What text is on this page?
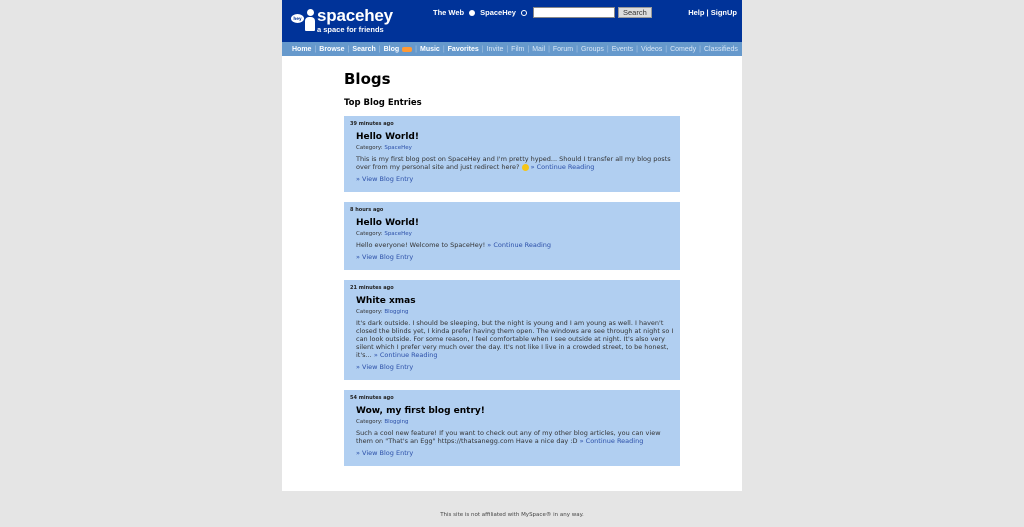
hey spacehey
a space for friends
The Web SpaceHey	Search	Help | SignUp
Home | Browse | Search | Blog | Music | Favorites | Invite | Film | Mail | Forum | Groups | Events | Videos | Comedy | Classifieds
Blogs
Top Blog Entries
39 minutes ago
Hello World!
Category: SpaceHey
This is my first blog post on SpaceHey and I'm pretty hyped... Should I transfer all my blog posts over from my personal site and just redirect here? » Continue Reading
» View Blog Entry
8 hours ago
Hello World!
Category: SpaceHey
Hello everyone! Welcome to SpaceHey! » Continue Reading
» View Blog Entry
21 minutes ago
White xmas
Category: Blogging
It's dark outside. I should be sleeping, but the night is young and I am young as well. I haven't closed the blinds yet, I kinda prefer having them open. The windows are see through at night so I can look outside. For some reason, I feel comfortable when I see outside at night. It's also very silent which I prefer very much over the day. It's not like I live in a crowded street, to be honest, it's... » Continue Reading
» View Blog Entry
54 minutes ago
Wow, my first blog entry!
Category: Blogging
Such a cool new feature! If you want to check out any of my other blog articles, you can view them on "That's an Egg" https://thatsanegg.com Have a nice day :D » Continue Reading
» View Blog Entry
This site is not affiliated with MySpace® in any way.
